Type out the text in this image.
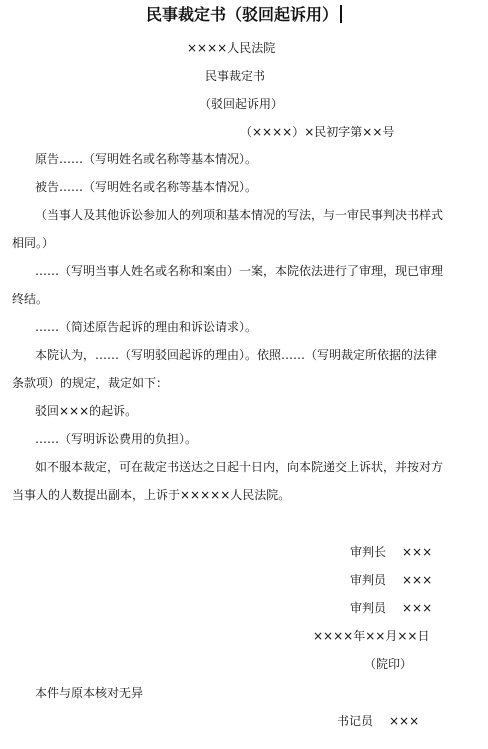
民事裁定书（驳回起诉用）
××××人民法院
民事裁定书
（驳回起诉用）
（××××）×民初字第××号
原告……（写明姓名或名称等基本情况）。
被告……（写明姓名或名称等基本情况）。
（当事人及其他诉讼参加人的列项和基本情况的写法，与一审民事判决书样式
相同。）
……（写明当事人姓名或名称和案由）一案，本院依法进行了审理，现已审理
终结。
……（简述原告起诉的理由和诉讼请求）。
本院认为，……（写明驳回起诉的理由）。依照……（写明裁定所依据的法律
条款项）的规定，裁定如下：
驳回×××的起诉。
……（写明诉讼费用的负担）。
如不服本裁定，可在裁定书送达之日起十日内，向本院递交上诉状，并按对方
当事人的人数提出副本，上诉于×××××人民法院。
审判长 ×××
审判员 ×××
审判员 ×××
××××年××月××日
（院印）
本件与原本核对无异
书记员 ×××
